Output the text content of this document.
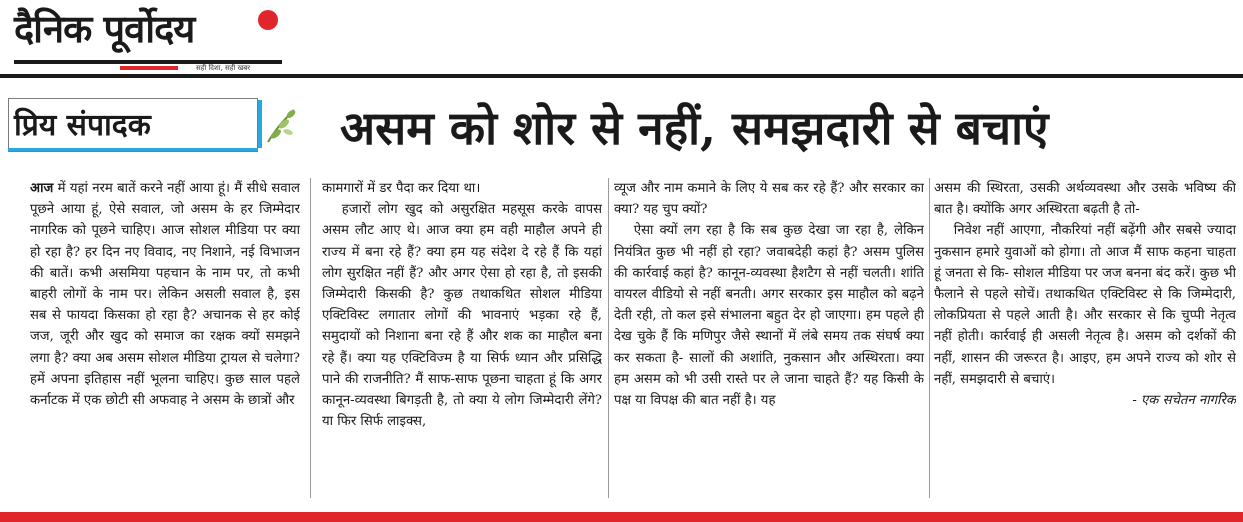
दैनिक पूर्वोदय
सही दिशा, सही खबर
प्रिय संपादक	असम को शोर से नहीं, समझदारी से बचाएं

आज में यहां नरम बातें करने नहीं आया हूं। मैं सीधे सवाल पूछने आया हूं, ऐसे सवाल, जो असम के हर जिम्मेदार नागरिक को पूछने चाहिए। आज सोशल मीडिया पर क्या हो रहा है? हर दिन नए विवाद, नए निशाने, नई विभाजन की बातें। कभी असमिया पहचान के नाम पर, तो कभी बाहरी लोगों के नाम पर। लेकिन असली सवाल है, इस सब से फायदा किसका हो रहा है? अचानक से हर कोई जज, जूरी और खुद को समाज का रक्षक क्यों समझने लगा है? क्या अब असम सोशल मीडिया ट्रायल से चलेगा? हमें अपना इतिहास नहीं भूलना चाहिए। कुछ साल पहले कर्नाटक में एक छोटी सी अफवाह ने असम के छात्रों और

कामगारों में डर पैदा कर दिया था।

हजारों लोग खुद को असुरक्षित महसूस करके वापस असम लौट आए थे। आज क्या हम वही माहौल अपने ही राज्य में बना रहे हैं? क्या हम यह संदेश दे रहे हैं कि यहां लोग सुरक्षित नहीं हैं? और अगर ऐसा हो रहा है, तो इसकी जिम्मेदारी किसकी है? कुछ तथाकथित सोशल मीडिया एक्टिविस्ट लगातार लोगों की भावनाएं भड़का रहे हैं, समुदायों को निशाना बना रहे हैं और शक का माहौल बना रहे हैं। क्या यह एक्टिविज्म है या सिर्फ ध्यान और प्रसिद्धि पाने की राजनीति? मैं साफ-साफ पूछना चाहता हूं कि अगर कानून-व्यवस्था बिगड़ती है, तो क्या ये लोग जिम्मेदारी लेंगे? या फिर सिर्फ लाइक्स,

व्यूज और नाम कमाने के लिए ये सब कर रहे हैं? और सरकार का क्या? यह चुप क्यों?

ऐसा क्यों लग रहा है कि सब कुछ देखा जा रहा है, लेकिन नियंत्रित कुछ भी नहीं हो रहा? जवाबदेही कहां है? असम पुलिस की कार्रवाई कहां है? कानून-व्यवस्था हैशटैग से नहीं चलती। शांति वायरल वीडियो से नहीं बनती। अगर सरकार इस माहौल को बढ़ने देती रही, तो कल इसे संभालना बहुत देर हो जाएगा। हम पहले ही देख चुके हैं कि मणिपुर जैसे स्थानों में लंबे समय तक संघर्ष क्या कर सकता है- सालों की अशांति, नुकसान और अस्थिरता। क्या हम असम को भी उसी रास्ते पर ले जाना चाहते हैं? यह किसी के पक्ष या विपक्ष की बात नहीं है। यह

असम की स्थिरता, उसकी अर्थव्यवस्था और उसके भविष्य की बात है। क्योंकि अगर अस्थिरता बढ़ती है तो-

निवेश नहीं आएगा, नौकरियां नहीं बढ़ेंगी और सबसे ज्यादा नुकसान हमारे युवाओं को होगा। तो आज मैं साफ कहना चाहता हूं जनता से कि- सोशल मीडिया पर जज बनना बंद करें। कुछ भी फैलाने से पहले सोचें। तथाकथित एक्टिविस्ट से कि जिम्मेदारी, लोकप्रियता से पहले आती है। और सरकार से कि चुप्पी नेतृत्व नहीं होती। कार्रवाई ही असली नेतृत्व है। असम को दर्शकों की नहीं, शासन की जरूरत है। आइए, हम अपने राज्य को शोर से नहीं, समझदारी से बचाएं।

- एक सचेतन नागरिक
